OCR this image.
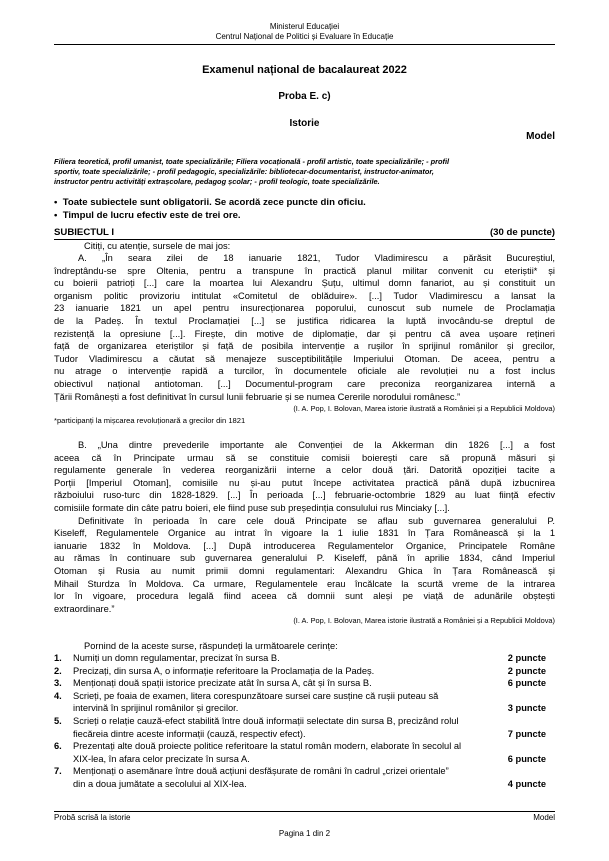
Ministerul Educației
Centrul Național de Politici și Evaluare în Educație
Examenul național de bacalaureat 2022
Proba E. c)
Istorie
Model
Filiera teoretică, profil umanist, toate specializările; Filiera vocațională - profil artistic, toate specializările; - profil
sportiv, toate specializările; - profil pedagogic, specializările: bibliotecar-documentarist, instructor-animator,
instructor pentru activități extrașcolare, pedagog școlar; - profil teologic, toate specializările.
•  Toate subiectele sunt obligatorii. Se acordă zece puncte din oficiu.
•  Timpul de lucru efectiv este de trei ore.
SUBIECTUL I	(30 de puncte)
Citiți, cu atenție, sursele de mai jos:
A. „În seara zilei de 18 ianuarie 1821, Tudor Vladimirescu a părăsit Bucureștiul,
îndreptându-se spre Oltenia, pentru a transpune în practică planul militar convenit cu eteriștii* și
cu boierii patrioți [...] care la moartea lui Alexandru Șuțu, ultimul domn fanariot, au și constituit un
organism politic provizoriu intitulat «Comitetul de oblăduire». [...] Tudor Vladimirescu a lansat la
23 ianuarie 1821 un apel pentru insurecționarea poporului, cunoscut sub numele de Proclamația
de la Padeș. În textul Proclamației [...] se justifica ridicarea la luptă invocându-se dreptul de
rezistență la opresiune [...]. Firește, din motive de diplomație, dar și pentru că avea ușoare rețineri
față de organizarea eteriștilor și față de posibila intervenție a rușilor în sprijinul românilor și grecilor,
Tudor Vladimirescu a căutat să menajeze susceptibilitățile Imperiului Otoman. De aceea, pentru a
nu atrage o intervenție rapidă a turcilor, în documentele oficiale ale revoluției nu a fost inclus
obiectivul național antiotoman. [...] Documentul-program care preconiza reorganizarea internă a
Țării Românești a fost definitivat în cursul lunii februarie și se numea Cererile norodului românesc.”
(I. A. Pop, I. Bolovan, Marea istorie ilustrată a României și a Republicii Moldova)
*participanți la mișcarea revoluționară a grecilor din 1821
B. „Una dintre prevederile importante ale Convenției de la Akkerman din 1826 [...] a fost
aceea că în Principate urmau să se constituie comisii boierești care să propună măsuri și
regulamente generale în vederea reorganizării interne a celor două țări. Datorită opoziției tacite a
Porții [Imperiul Otoman], comisiile nu și-au putut începe activitatea practică până după izbucnirea
războiului ruso-turc din 1828-1829. [...] În perioada [...] februarie-octombrie 1829 au luat ființă efectiv
comisiile formate din câte patru boieri, ele fiind puse sub președinția consulului rus Minciaky [...].
Definitivate în perioada în care cele două Principate se aflau sub guvernarea generalului P.
Kiseleff, Regulamentele Organice au intrat în vigoare la 1 iulie 1831 în Țara Românească și la 1
ianuarie 1832 în Moldova. [...] După introducerea Regulamentelor Organice, Principatele Române
au rămas în continuare sub guvernarea generalului P. Kiseleff, până în aprilie 1834, când Imperiul
Otoman și Rusia au numit primii domni regulamentari: Alexandru Ghica în Țara Românească și
Mihail Sturdza în Moldova. Ca urmare, Regulamentele erau încălcate la scurtă vreme de la intrarea
lor în vigoare, procedura legală fiind aceea că domnii sunt aleși pe viață de adunările obștești
extraordinare.”
(I. A. Pop, I. Bolovan, Marea istorie ilustrată a României și a Republicii Moldova)
Pornind de la aceste surse, răspundeți la următoarele cerințe:
1. Numiți un domn regulamentar, precizat în sursa B.	2 puncte
2. Precizați, din sursa A, o informație referitoare la Proclamația de la Padeș.	2 puncte
3. Menționați două spații istorice precizate atât în sursa A, cât și în sursa B.	6 puncte
4. Scrieți, pe foaia de examen, litera corespunzătoare sursei care susține că rușii puteau să
intervină în sprijinul românilor și grecilor.	3 puncte
5. Scrieți o relație cauză-efect stabilită între două informații selectate din sursa B, precizând rolul
fiecăreia dintre aceste informații (cauză, respectiv efect).	7 puncte
6. Prezentați alte două proiecte politice referitoare la statul român modern, elaborate în secolul al
XIX-lea, în afara celor precizate în sursa A.	6 puncte
7. Menționați o asemănare între două acțiuni desfășurate de români în cadrul „crizei orientale”
din a doua jumătate a secolului al XIX-lea.	4 puncte
Probă scrisă la istorie	Model
Pagina 1 din 2
